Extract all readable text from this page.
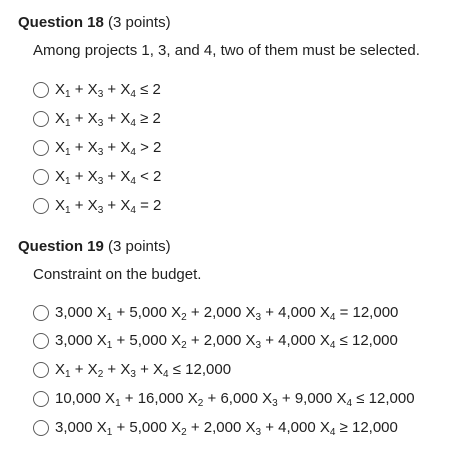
Question 18 (3 points)
Among projects 1, 3, and 4, two of them must be selected.
$X_1 + X_3 + X_4 \le 2$
$X_1 + X_3 + X_4 \ge 2$
$X_1 + X_3 + X_4 > 2$
$X_1 + X_3 + X_4 < 2$
$X_1 + X_3 + X_4 = 2$
Question 19 (3 points)
Constraint on the budget.
3,000 $X_1 + 5,000$ $X_2 + 2,000$ $X_3 + 4,000$ $X_4 = 12,000$
3,000 $X_1 + 5,000$ $X_2 + 2,000$ $X_3 + 4,000$ $X_4 \le 12,000$
$X_1 + X_2 + X_3 + X_4 \le 12,000$
10,000 $X_1 + 16,000$ $X_2 + 6,000$ $X_3 + 9,000$ $X_4 \le 12,000$
3,000 $X_1 + 5,000$ $X_2 + 2,000$ $X_3 + 4,000$ $X_4 \ge 12,000$
